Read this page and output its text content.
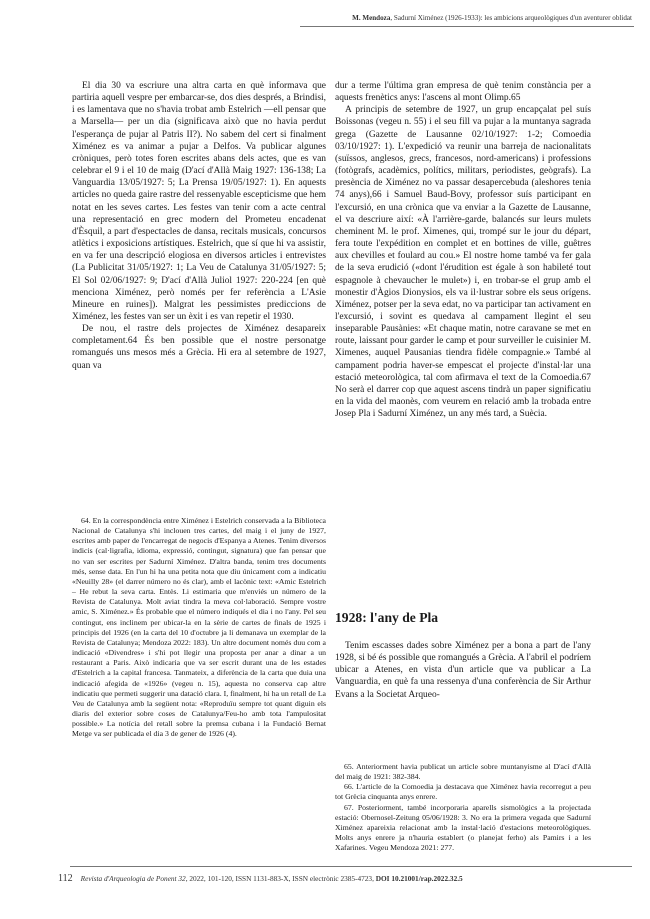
M. Mendoza, Sadurní Ximénez (1926-1933): les ambicions arqueològiques d'un aventurer oblidat

El dia 30 va escriure una altra carta en què informava que partiria aquell vespre per embarcar-se, dos dies després, a Brindisi, i es lamentava que no s'havia trobat amb Estelrich —ell pensar que a Marsella— per un dia (significava això que no havia perdut l'esperança de pujar al Patris II?). No sabem del cert si finalment Ximénez es va animar a pujar a Delfos. Va publicar algunes cròniques, però totes foren escrites abans dels actes, que es van celebrar el 9 i el 10 de maig (D'ací d'Allà Maig 1927: 136-138; La Vanguardia 13/05/1927: 5; La Prensa 19/05/1927: 1). En aquests articles no queda gaire rastre del ressenyable escepticisme que hem notat en les seves cartes. Les festes van tenir com a acte central una representació en grec modern del Prometeu encadenat d'Èsquil, a part d'espectacles de dansa, recitals musicals, concursos atlètics i exposicions artístiques. Estelrich, que sí que hi va assistir, en va fer una descripció elogiosa en diversos articles i entrevistes (La Publicitat 31/05/1927: 1; La Veu de Catalunya 31/05/1927: 5; El Sol 02/06/1927: 9; D'ací d'Allà Juliol 1927: 220-224 [en què menciona Ximénez, però només per fer referència a L'Asie Mineure en ruines]). Malgrat les pessimistes prediccions de Ximénez, les festes van ser un èxit i es van repetir el 1930.

De nou, el rastre dels projectes de Ximénez desapareix completament.64 És ben possible que el nostre personatge romangués uns mesos més a Grècia. Hi era al setembre de 1927, quan va

dur a terme l'última gran empresa de què tenim constància per a aquests frenètics anys: l'ascens al mont Olimp.65

A principis de setembre de 1927, un grup encapçalat pel suís Boissonas (vegeu n. 55) i el seu fill va pujar a la muntanya sagrada grega (Gazette de Lausanne 02/10/1927: 1-2; Comoedia 03/10/1927: 1). L'expedició va reunir una barreja de nacionalitats (suïssos, anglesos, grecs, francesos, nord-americans) i professions (fotògrafs, acadèmics, polítics, militars, periodistes, geògrafs). La presència de Ximénez no va passar desapercebuda (aleshores tenia 74 anys),66 i Samuel Baud-Bovy, professor suís participant en l'excursió, en una crònica que va enviar a la Gazette de Lausanne, el va descriure així: «À l'arrière-garde, balancés sur leurs mulets cheminent M. le prof. Ximenes, qui, trompé sur le jour du départ, fera toute l'expédition en complet et en bottines de ville, guêtres aux chevilles et foulard au cou.» El nostre home també va fer gala de la seva erudició («dont l'érudition est égale à son habileté tout espagnole à chevaucher le mulet») i, en trobar-se el grup amb el monestir d'Àgios Dionysios, els va il·lustrar sobre els seus orígens. Ximénez, potser per la seva edat, no va participar tan activament en l'excursió, i sovint es quedava al campament llegint el seu inseparable Pausànies: «Et chaque matin, notre caravane se met en route, laissant pour garder le camp et pour surveiller le cuisinier M. Ximenes, auquel Pausanias tiendra fidèle compagnie.» També al campament podria haver-se empescat el projecte d'instal·lar una estació meteorològica, tal com afirmava el text de la Comoedia.67 No serà el darrer cop que aquest ascens tindrà un paper significatiu en la vida del maonès, com veurem en relació amb la trobada entre Josep Pla i Sadurní Ximénez, un any més tard, a Suècia.

1928: l'any de Pla

Tenim escasses dades sobre Ximénez per a bona a part de l'any 1928, si bé és possible que romangués a Grècia. A l'abril el podríem ubicar a Atenes, en vista d'un article que va publicar a La Vanguardia, en què fa una ressenya d'una conferència de Sir Arthur Evans a la Societat Arqueo-

64. En la correspondència entre Ximénez i Estelrich conservada a la Biblioteca Nacional de Catalunya s'hi inclouen tres cartes, del maig i el juny de 1927, escrites amb paper de l'encarregat de negocis d'Espanya a Atenes. Tenim diversos indicis (cal·ligrafia, idioma, expressió, contingut, signatura) que fan pensar que no van ser escrites per Sadurní Ximénez. D'altra banda, tenim tres documents més, sense data. En l'un hi ha una petita nota que diu únicament com a indicatiu «Neuilly 28» (el darrer número no és clar), amb el lacònic text: «Amic Estelrich – He rebut la seva carta. Entès. Li estimaria que m'enviés un número de la Revista de Catalunya. Molt aviat tindra la meva col·laboració. Sempre vostre amic, S. Ximénez.» És probable que el número indiqués el dia i no l'any. Pel seu contingut, ens inclinem per ubicar-la en la sèrie de cartes de finals de 1925 i principis del 1926 (en la carta del 10 d'octubre ja li demanava un exemplar de la Revista de Catalunya; Mendoza 2022: 183). Un altre document només duu com a indicació «Divendres» i s'hi pot llegir una proposta per anar a dinar a un restaurant a Paris. Això indicaria que va ser escrit durant una de les estades d'Estelrich a la capital francesa. Tanmateix, a diferència de la carta que duia una indicació afegida de «1926» (vegeu n. 15), aquesta no conserva cap altre indicatiu que permeti suggerir una datació clara. I, finalment, hi ha un retall de La Veu de Catalunya amb la següent nota: «Reproduïu sempre tot quant diguin els diaris del exterior sobre coses de Catalunya/Feu-ho amb tota l'ampulositat possible.» La notícia del retall sobre la premsa cubana i la Fundació Bernat Metge va ser publicada el dia 3 de gener de 1926 (4).

65. Anteriorment havia publicat un article sobre muntanyisme al D'ací d'Allà del maig de 1921: 382-384.

66. L'article de la Comoedia ja destacava que Ximénez havia recorregut a peu tot Grècia cinquanta anys enrere.

67. Posteriorment, també incorporaria aparells sismològics a la projectada estació: Obernosel-Zeitung 05/06/1928: 3. No era la primera vegada que Sadurní Ximénez apareixia relacionat amb la instal·lació d'estacions meteorològiques. Molts anys enrere ja n'hauria establert (o planejat ferho) als Pamirs i a les Xafarines. Vegeu Mendoza 2021: 277.

112 Revista d'Arqueologia de Ponent 32, 2022, 101-120, ISSN 1131-883-X, ISSN electrònic 2385-4723, DOI 10.21001/rap.2022.32.5
